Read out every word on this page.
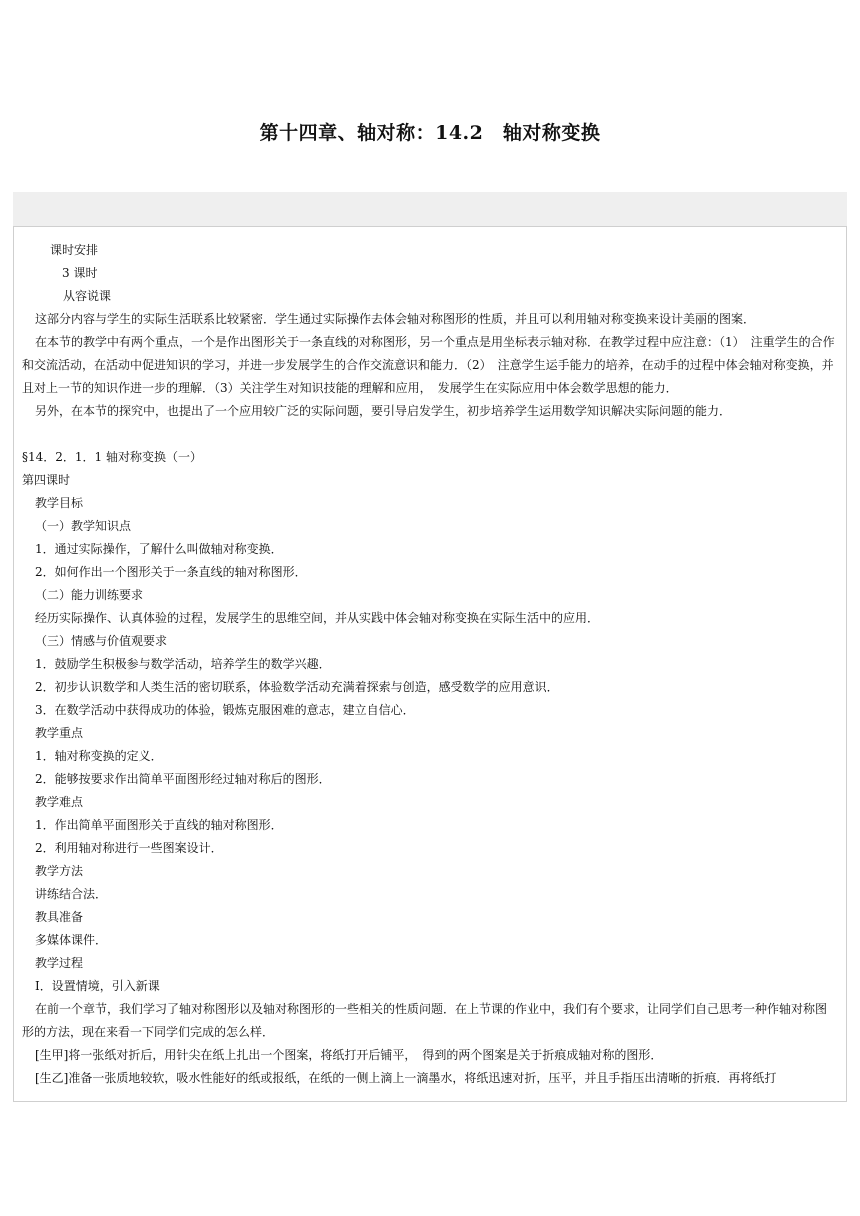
第十四章、轴对称：14.2　轴对称变换

课时安排

3 课时

从容说课

这部分内容与学生的实际生活联系比较紧密．学生通过实际操作去体会轴对称图形的性质，并且可以利用轴对称变换来设计美丽的图案．

在本节的教学中有两个重点，一个是作出图形关于一条直线的对称图形，另一个重点是用坐标表示轴对称．在教学过程中应注意：（1）　注重学生的合作和交流活动，在活动中促进知识的学习，并进一步发展学生的合作交流意识和能力．（2）　注意学生运手能力的培养，在动手的过程中体会轴对称变换，并且对上一节的知识作进一步的理解．（3）关注学生对知识技能的理解和应用，　发展学生在实际应用中体会数学思想的能力．

另外，在本节的探究中，也提出了一个应用较广泛的实际问题，要引导启发学生，初步培养学生运用数学知识解决实际问题的能力．

§14．2．1．1 轴对称变换（一）

第四课时

教学目标

（一）教学知识点

1．通过实际操作，了解什么叫做轴对称变换．

2．如何作出一个图形关于一条直线的轴对称图形．

（二）能力训练要求

经历实际操作、认真体验的过程，发展学生的思维空间，并从实践中体会轴对称变换在实际生活中的应用．

（三）情感与价值观要求

1．鼓励学生积极参与数学活动，培养学生的数学兴趣．

2．初步认识数学和人类生活的密切联系，体验数学活动充满着探索与创造，感受数学的应用意识．

3．在数学活动中获得成功的体验，锻炼克服困难的意志，建立自信心．

教学重点

1．轴对称变换的定义．

2．能够按要求作出简单平面图形经过轴对称后的图形．

教学难点

1．作出简单平面图形关于直线的轴对称图形．

2．利用轴对称进行一些图案设计．

教学方法

讲练结合法．

教具准备

多媒体课件．

教学过程

Ⅰ．设置情境，引入新课

在前一个章节，我们学习了轴对称图形以及轴对称图形的一些相关的性质问题．在上节课的作业中，我们有个要求，让同学们自己思考一种作轴对称图形的方法，现在来看一下同学们完成的怎么样．

[生甲]将一张纸对折后，用针尖在纸上扎出一个图案，将纸打开后铺平，　得到的两个图案是关于折痕成轴对称的图形．

[生乙]准备一张质地较软，吸水性能好的纸或报纸，在纸的一侧上滴上一滴墨水，将纸迅速对折，压平，并且手指压出清晰的折痕．再将纸打
